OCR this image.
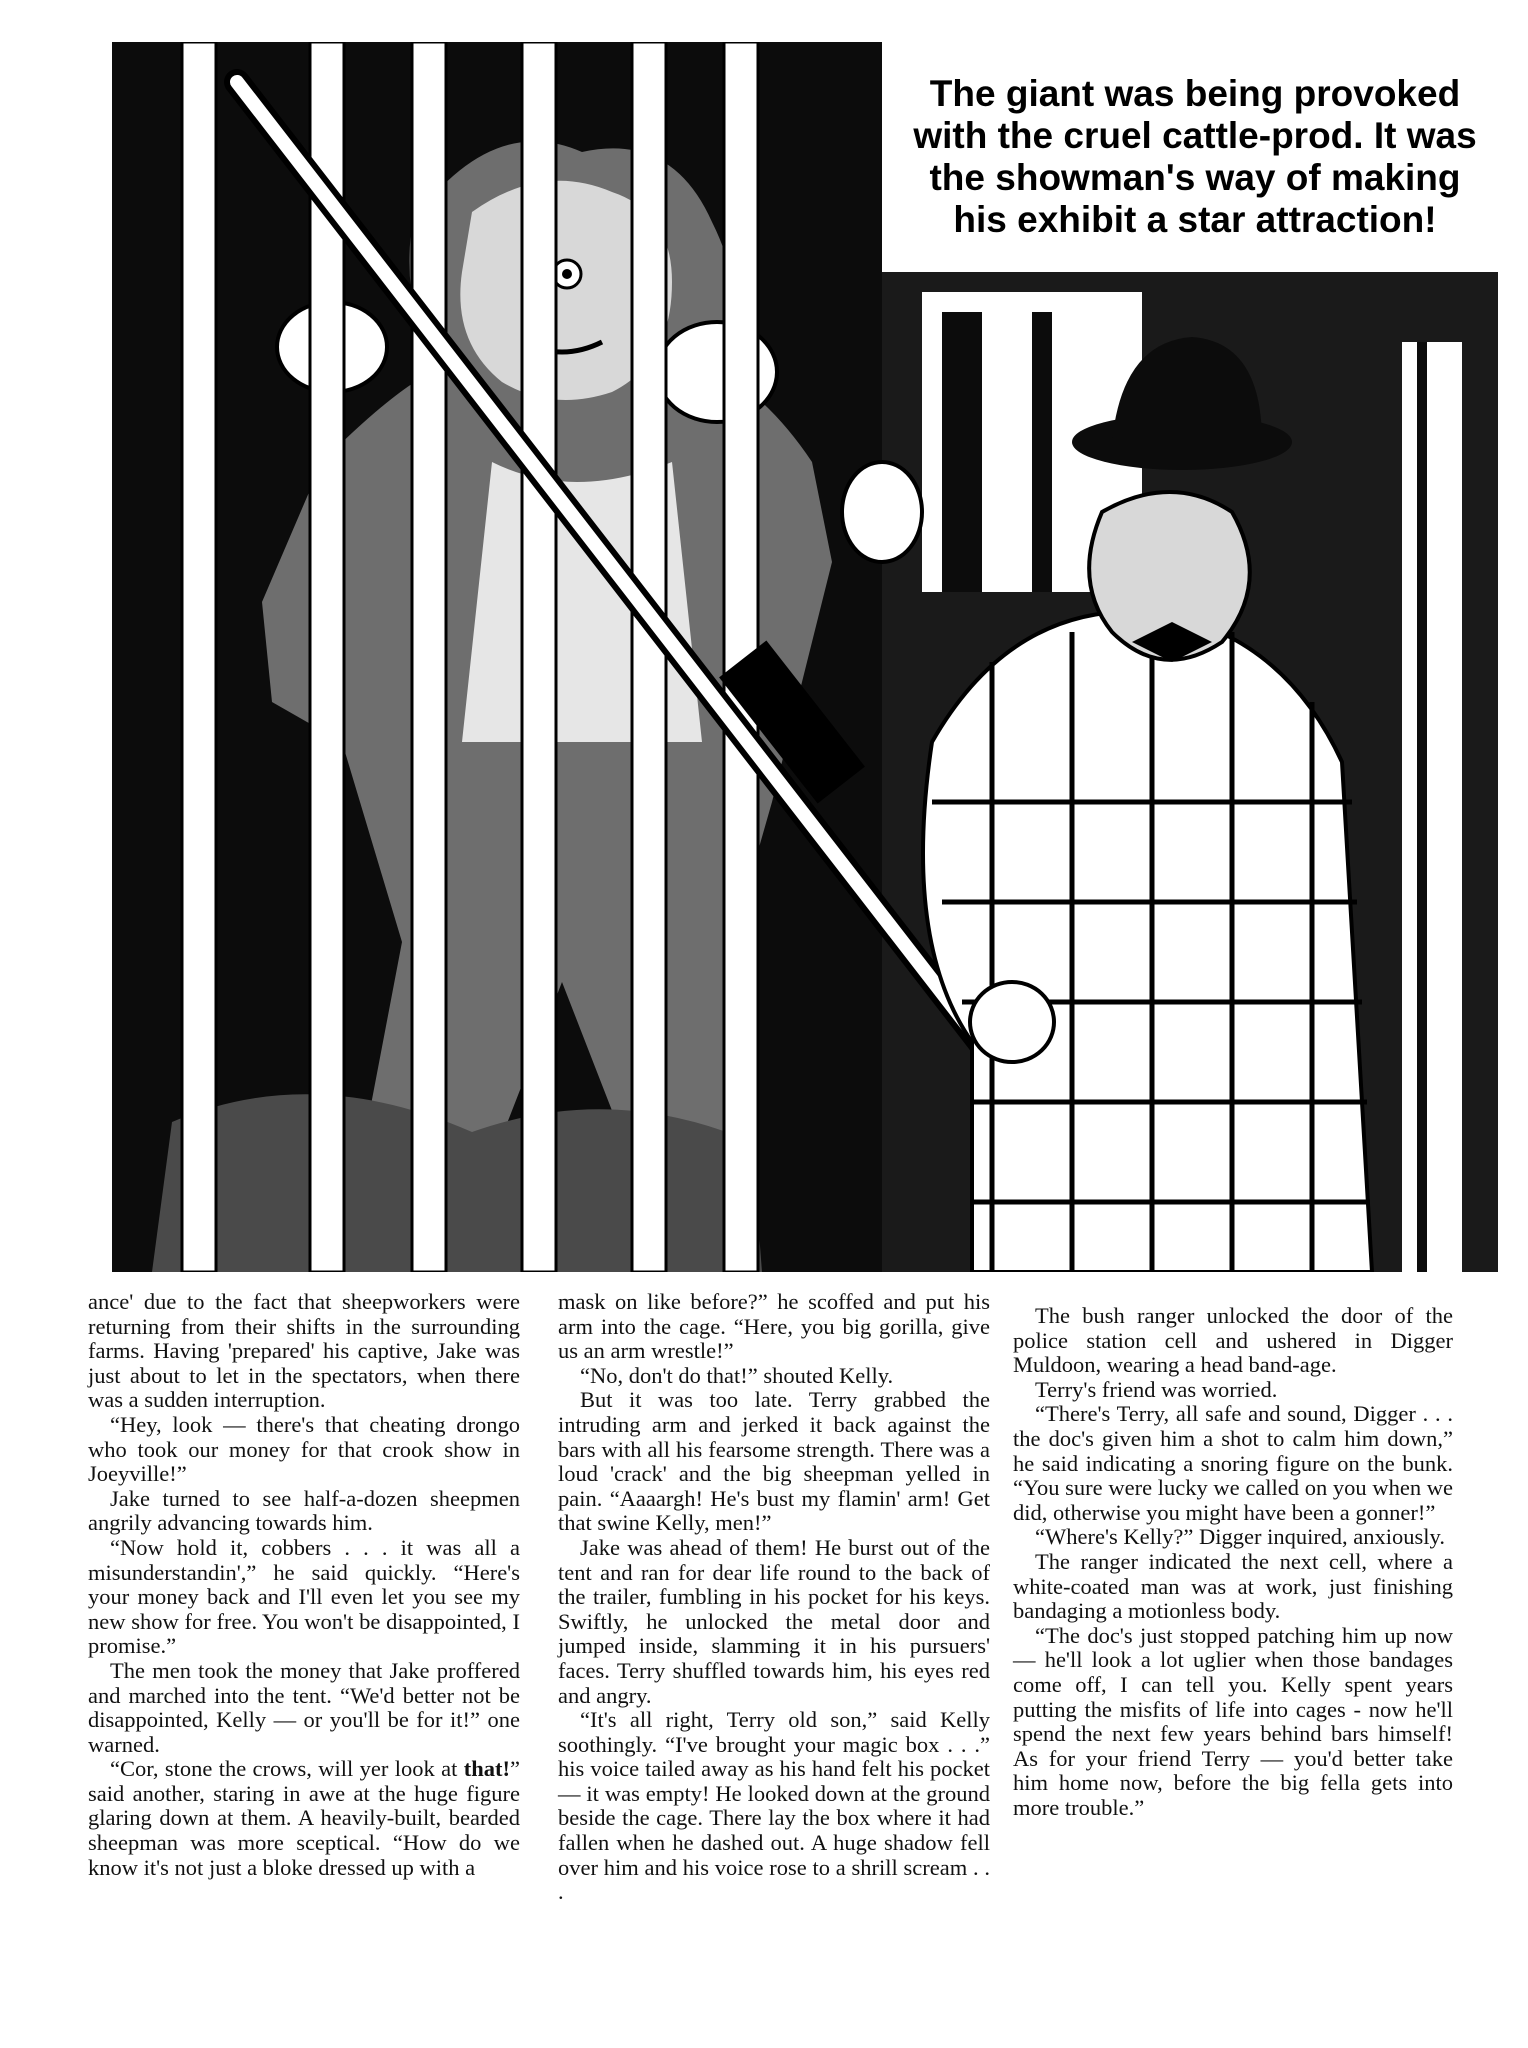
The giant was being provoked
with the cruel cattle-prod. It was
the showman's way of making
his exhibit a star attraction!

ance' due to the fact that sheepworkers were returning from their shifts in the surrounding farms. Having 'prepared' his captive, Jake was just about to let in the spectators, when there was a sudden interruption.

“Hey, look — there's that cheating drongo who took our money for that crook show in Joeyville!”

Jake turned to see half-a-dozen sheepmen angrily advancing towards him.

“Now hold it, cobbers . . . it was all a misunderstandin',” he said quickly. “Here's your money back and I'll even let you see my new show for free. You won't be disappointed, I promise.”

The men took the money that Jake proffered and marched into the tent. “We'd better not be disappointed, Kelly — or you'll be for it!” one warned.

“Cor, stone the crows, will yer look at that!” said another, staring in awe at the huge figure glaring down at them. A heavily-built, bearded sheepman was more sceptical. “How do we know it's not just a bloke dressed up with a

mask on like before?” he scoffed and put his arm into the cage. “Here, you big gorilla, give us an arm wrestle!”

“No, don't do that!” shouted Kelly.

But it was too late. Terry grabbed the intruding arm and jerked it back against the bars with all his fearsome strength. There was a loud 'crack' and the big sheepman yelled in pain. “Aaaargh! He's bust my flamin' arm! Get that swine Kelly, men!”

Jake was ahead of them! He burst out of the tent and ran for dear life round to the back of the trailer, fumbling in his pocket for his keys. Swiftly, he unlocked the metal door and jumped inside, slamming it in his pursuers' faces. Terry shuffled towards him, his eyes red and angry.

“It's all right, Terry old son,” said Kelly soothingly. “I've brought your magic box . . .” his voice tailed away as his hand felt his pocket — it was empty! He looked down at the ground beside the cage. There lay the box where it had fallen when he dashed out. A huge shadow fell over him and his voice rose to a shrill scream . . .

The bush ranger unlocked the door of the police station cell and ushered in Digger Muldoon, wearing a head band-age.

Terry's friend was worried.

“There's Terry, all safe and sound, Digger . . . the doc's given him a shot to calm him down,” he said indicating a snoring figure on the bunk. “You sure were lucky we called on you when we did, otherwise you might have been a gonner!”

“Where's Kelly?” Digger inquired, anxiously.

The ranger indicated the next cell, where a white-coated man was at work, just finishing bandaging a motionless body.

“The doc's just stopped patching him up now — he'll look a lot uglier when those bandages come off, I can tell you. Kelly spent years putting the misfits of life into cages - now he'll spend the next few years behind bars himself! As for your friend Terry — you'd better take him home now, before the big fella gets into more trouble.”
